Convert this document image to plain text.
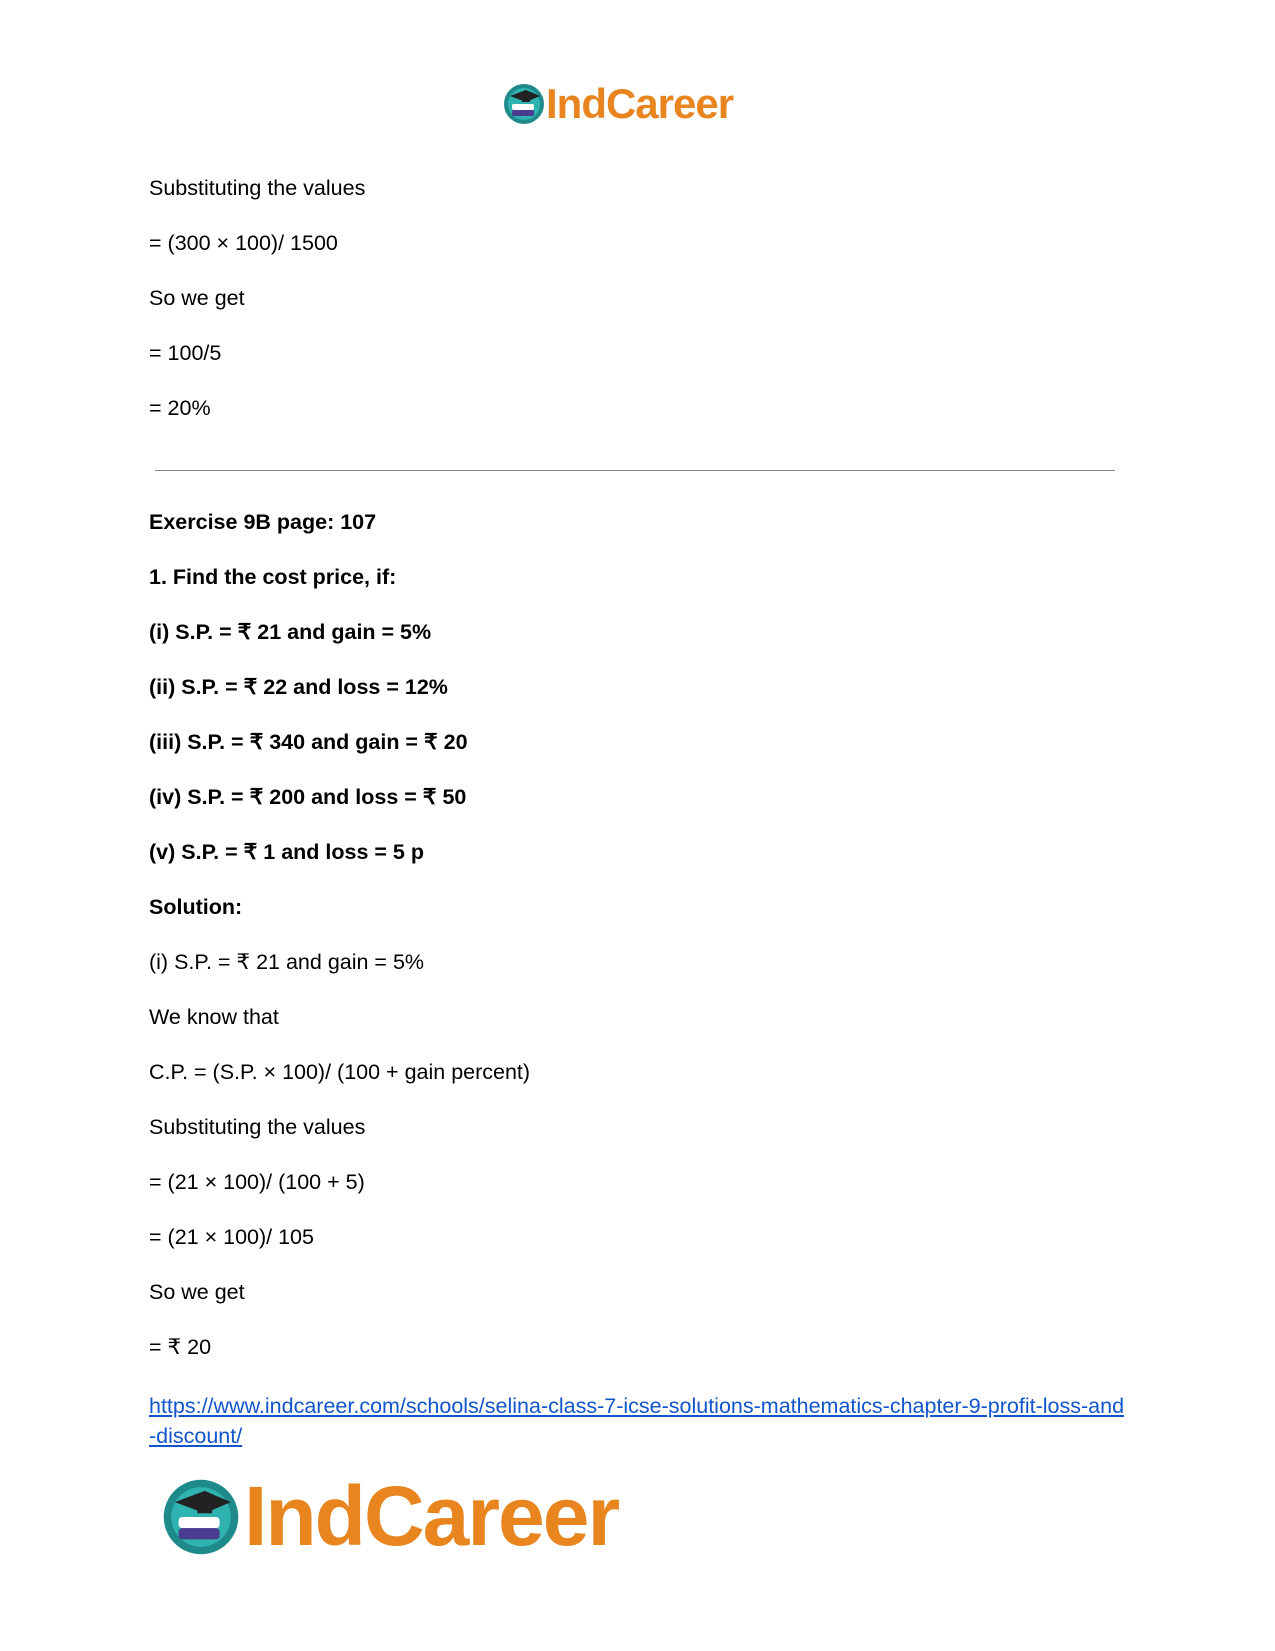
IndCareer
Substituting the values
= (300 × 100)/ 1500
So we get
= 100/5
= 20%
Exercise 9B page: 107
1. Find the cost price, if:
(i) S.P. = ₹ 21 and gain = 5%
(ii) S.P. = ₹ 22 and loss = 12%
(iii) S.P. = ₹ 340 and gain = ₹ 20
(iv) S.P. = ₹ 200 and loss = ₹ 50
(v) S.P. = ₹ 1 and loss = 5 p
Solution:
(i) S.P. = ₹ 21 and gain = 5%
We know that
C.P. = (S.P. × 100)/ (100 + gain percent)
Substituting the values
= (21 × 100)/ (100 + 5)
= (21 × 100)/ 105
So we get
= ₹ 20
https://www.indcareer.com/schools/selina-class-7-icse-solutions-mathematics-chapter-9-profit-loss-and-discount/
IndCareer
